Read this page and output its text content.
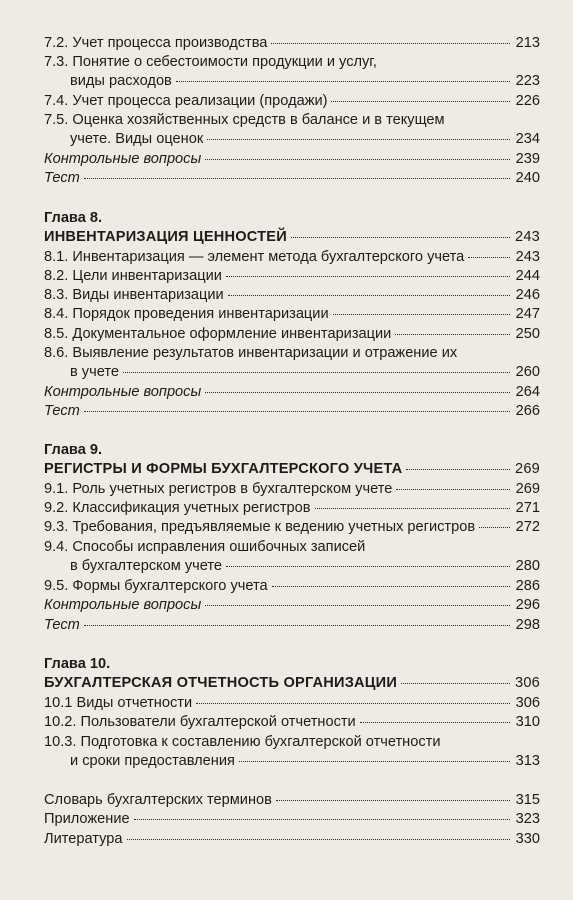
7.2. Учет процесса производства	213
7.3. Понятие о себестоимости продукции и услуг,
виды расходов	223
7.4. Учет процесса реализации (продажи)	226
7.5. Оценка хозяйственных средств в балансе и в текущем
учете. Виды оценок	234
Контрольные вопросы	239
Тест	240
Глава 8.
ИНВЕНТАРИЗАЦИЯ ЦЕННОСТЕЙ	243
8.1. Инвентаризация — элемент метода бухгалтерского учета	243
8.2. Цели инвентаризации	244
8.3. Виды инвентаризации	246
8.4. Порядок проведения инвентаризации	247
8.5. Документальное оформление инвентаризации	250
8.6. Выявление результатов инвентаризации и отражение их
в учете	260
Контрольные вопросы	264
Тест	266
Глава 9.
РЕГИСТРЫ И ФОРМЫ БУХГАЛТЕРСКОГО УЧЕТА	269
9.1. Роль учетных регистров в бухгалтерском учете	269
9.2. Классификация учетных регистров	271
9.3. Требования, предъявляемые к ведению учетных регистров	272
9.4. Способы исправления ошибочных записей
в бухгалтерском учете	280
9.5. Формы бухгалтерского учета	286
Контрольные вопросы	296
Тест	298
Глава 10.
БУХГАЛТЕРСКАЯ ОТЧЕТНОСТЬ ОРГАНИЗАЦИИ	306
10.1 Виды отчетности	306
10.2. Пользователи бухгалтерской отчетности	310
10.3. Подготовка к составлению бухгалтерской отчетности
и сроки предоставления	313
Словарь бухгалтерских терминов	315
Приложение	323
Литература	330
